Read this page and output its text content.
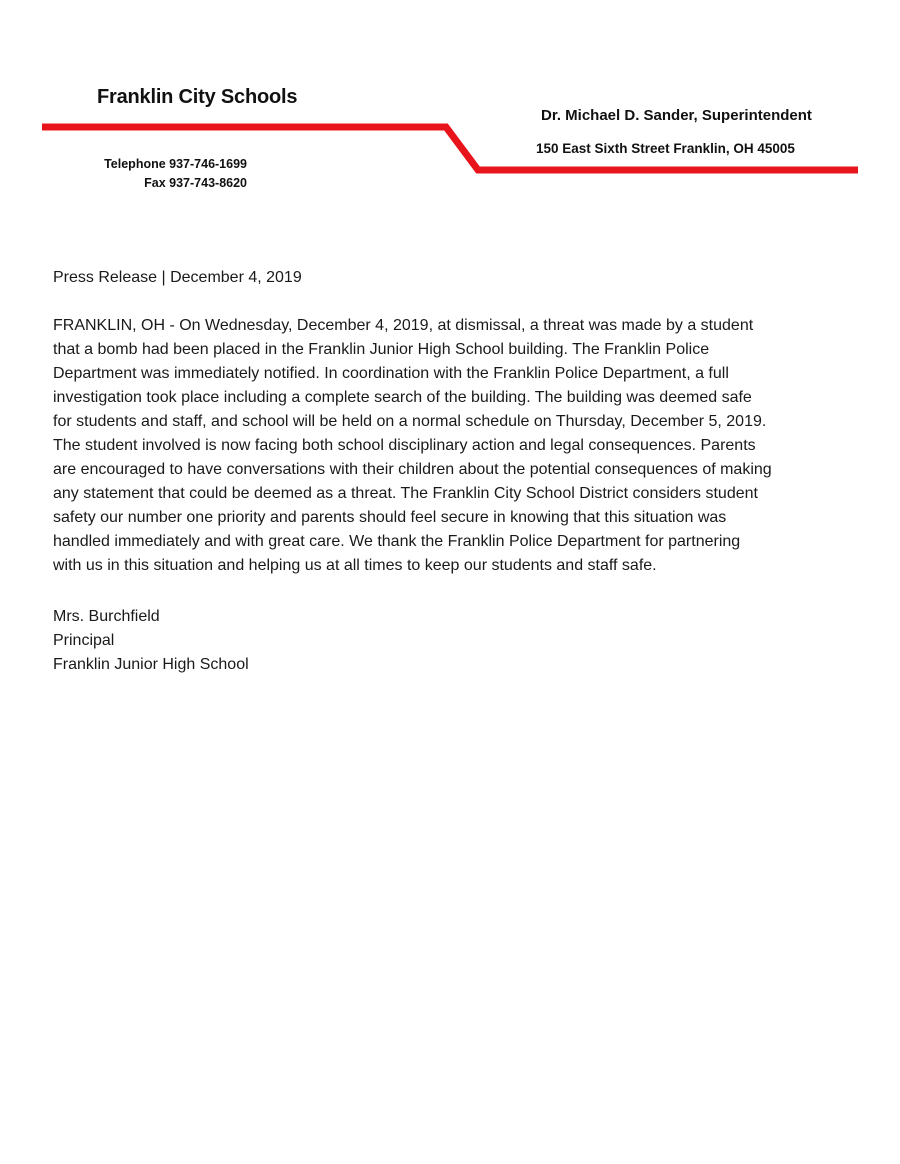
Franklin City Schools
Dr. Michael D. Sander, Superintendent
150 East Sixth Street Franklin, OH 45005
Telephone 937-746-1699
Fax 937-743-8620
Press Release | December 4, 2019
FRANKLIN, OH - On Wednesday, December 4, 2019, at dismissal, a threat was made by a student
that a bomb had been placed in the Franklin Junior High School building. The Franklin Police
Department was immediately notified. In coordination with the Franklin Police Department, a full
investigation took place including a complete search of the building. The building was deemed safe
for students and staff, and school will be held on a normal schedule on Thursday, December 5, 2019.
The student involved is now facing both school disciplinary action and legal consequences. Parents
are encouraged to have conversations with their children about the potential consequences of making
any statement that could be deemed as a threat. The Franklin City School District considers student
safety our number one priority and parents should feel secure in knowing that this situation was
handled immediately and with great care. We thank the Franklin Police Department for partnering
with us in this situation and helping us at all times to keep our students and staff safe.
Mrs. Burchfield
Principal
Franklin Junior High School
